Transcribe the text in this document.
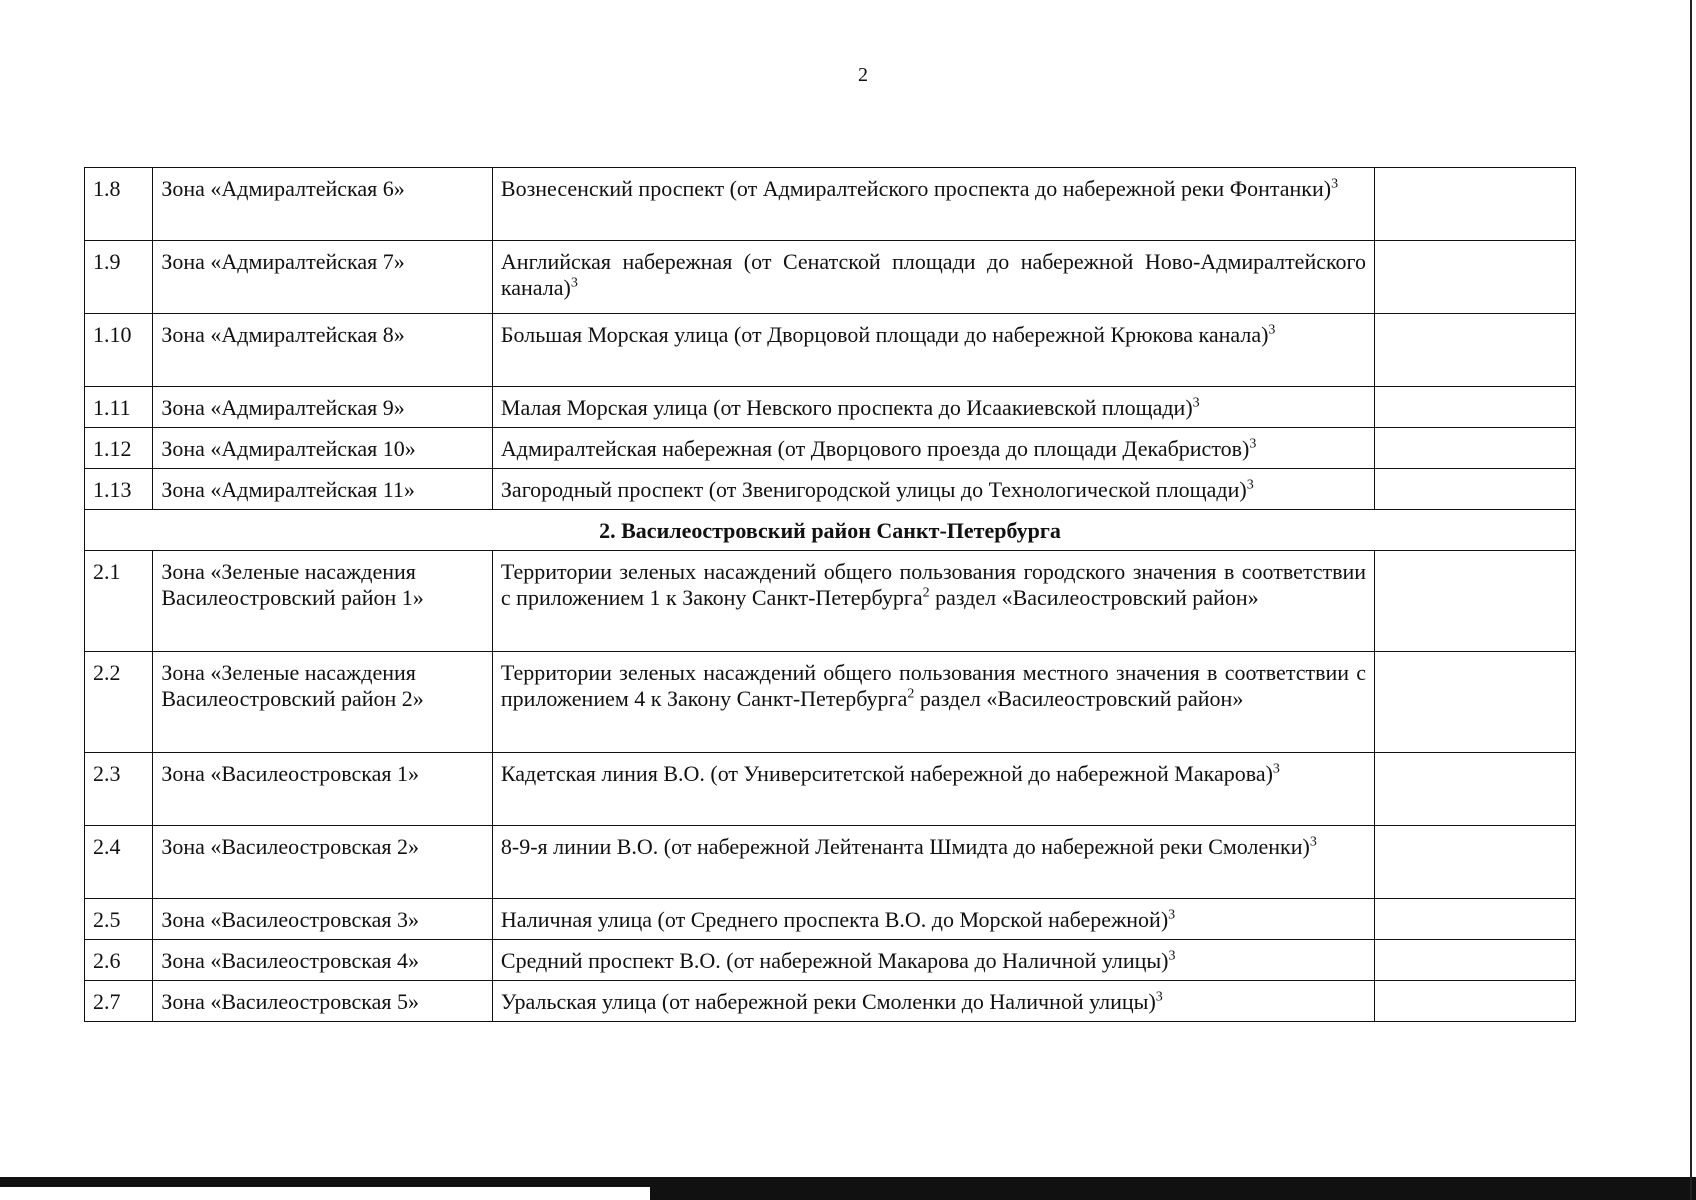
2
1.8	Зона «Адмиралтейская 6»	Вознесенский проспект (от Адмиралтейского проспекта до набережной реки Фонтанки)$^3$	
1.9	Зона «Адмиралтейская 7»	Английская набережная (от Сенатской площади до набережной Ново-Адмиралтейского канала)$^3$	
1.10	Зона «Адмиралтейская 8»	Большая Морская улица (от Дворцовой площади до набережной Крюкова канала)$^3$	
1.11	Зона «Адмиралтейская 9»	Малая Морская улица (от Невского проспекта до Исаакиевской площади)$^3$	
1.12	Зона «Адмиралтейская 10»	Адмиралтейская набережная (от Дворцового проезда до площади Декабристов)$^3$	
1.13	Зона «Адмиралтейская 11»	Загородный проспект (от Звенигородской улицы до Технологической площади)$^3$	
2. Василеостровский район Санкт-Петербурга			
2.1	Зона «Зеленые насаждения Василеостровский район 1»	Территории зеленых насаждений общего пользования городского значения в соответствии с приложением 1 к Закону Санкт-Петербурга$^2$ раздел «Василеостровский район»	
2.2	Зона «Зеленые насаждения Василеостровский район 2»	Территории зеленых насаждений общего пользования местного значения в соответствии с приложением 4 к Закону Санкт-Петербурга$^2$ раздел «Василеостровский район»	
2.3	Зона «Василеостровская 1»	Кадетская линия В.О. (от Университетской набережной до набережной Макарова)$^3$	
2.4	Зона «Василеостровская 2»	8-9-я линии В.О. (от набережной Лейтенанта Шмидта до набережной реки Смоленки)$^3$	
2.5	Зона «Василеостровская 3»	Наличная улица (от Среднего проспекта В.О. до Морской набережной)$^3$	
2.6	Зона «Василеостровская 4»	Средний проспект В.О. (от набережной Макарова до Наличной улицы)$^3$	
2.7	Зона «Василеостровская 5»	Уральская улица (от набережной реки Смоленки до Наличной улицы)$^3$	
